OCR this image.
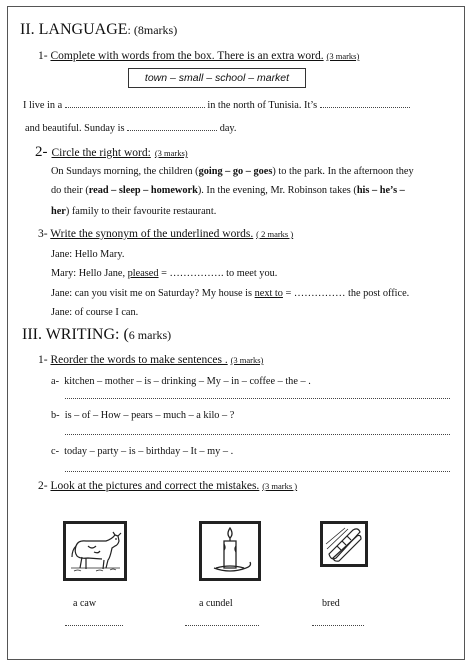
II. LANGUAGE: (8marks)
1- Complete with words from the box. There is an extra word. (3 marks)
town – small – school – market
I live in a	in the north of Tunisia. It’s
and beautiful. Sunday is	day.
2- Circle the right word: (3 marks)
On Sundays morning, the children (going – go – goes) to the park. In the afternoon they
do their (read – sleep – homework). In the evening, Mr. Robinson takes (his – he’s –
her) family to their favourite restaurant.
3- Write the synonym of the underlined words. ( 2 marks )
Jane: Hello Mary.
Mary: Hello Jane, pleased = ……………. to meet you.
Jane: can you visit me on Saturday? My house is next to = …………… the post office.
Jane: of course I can.
III. WRITING: (6 marks)
1- Reorder the words to make sentences . (3 marks)
a- kitchen – mother – is – drinking – My – in – coffee – the – .
b- is – of – How – pears – much – a kilo – ?
c- today – party – is – birthday – It – my – .
2- Look at the pictures and correct the mistakes. (3 marks )
a caw	a cundel	bred
